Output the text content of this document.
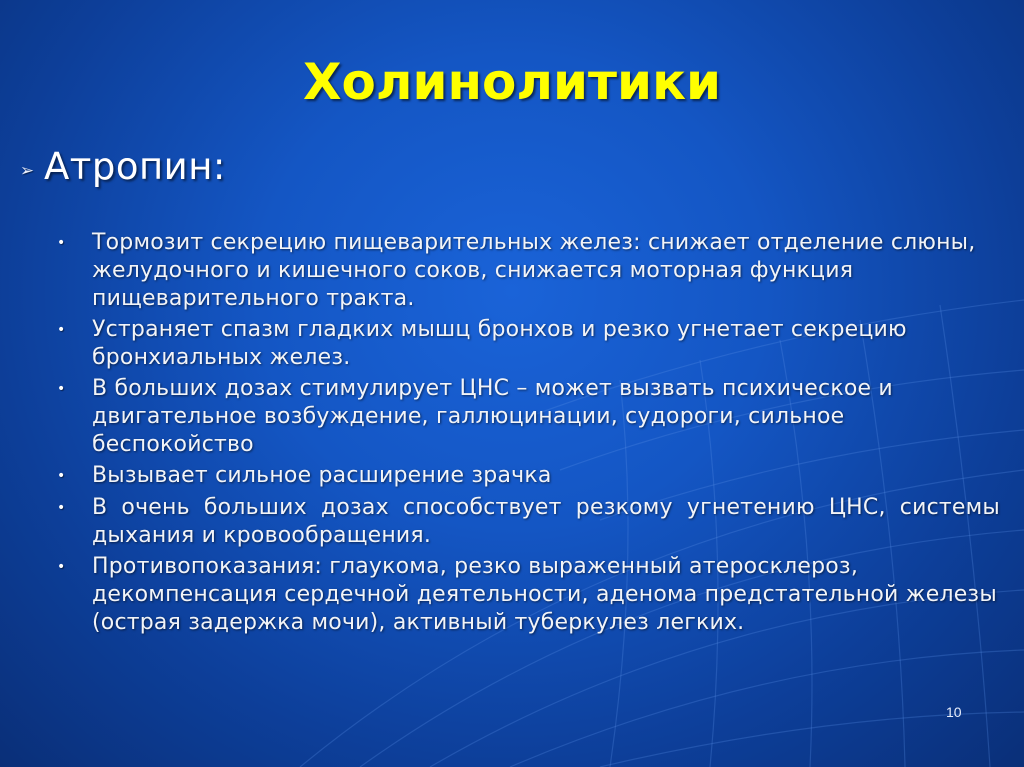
Холинолитики
➢ Атропин:
•	Тормозит секрецию пищеварительных желез: снижает отделение слюны, желудочного и кишечного соков, снижается моторная функция пищеварительного тракта.
•	Устраняет спазм гладких мышц бронхов и резко угнетает секрецию бронхиальных желез.
•	В больших дозах стимулирует ЦНС – может вызвать психическое и двигательное возбуждение, галлюцинации, судороги, сильное беспокойство
•	Вызывает сильное расширение зрачка
•	В очень больших дозах способствует резкому угнетению ЦНС, системы дыхания и кровообращения.
•	Противопоказания: глаукома, резко выраженный атеросклероз, декомпенсация сердечной деятельности, аденома предстательной железы (острая задержка мочи), активный туберкулез легких.
10
